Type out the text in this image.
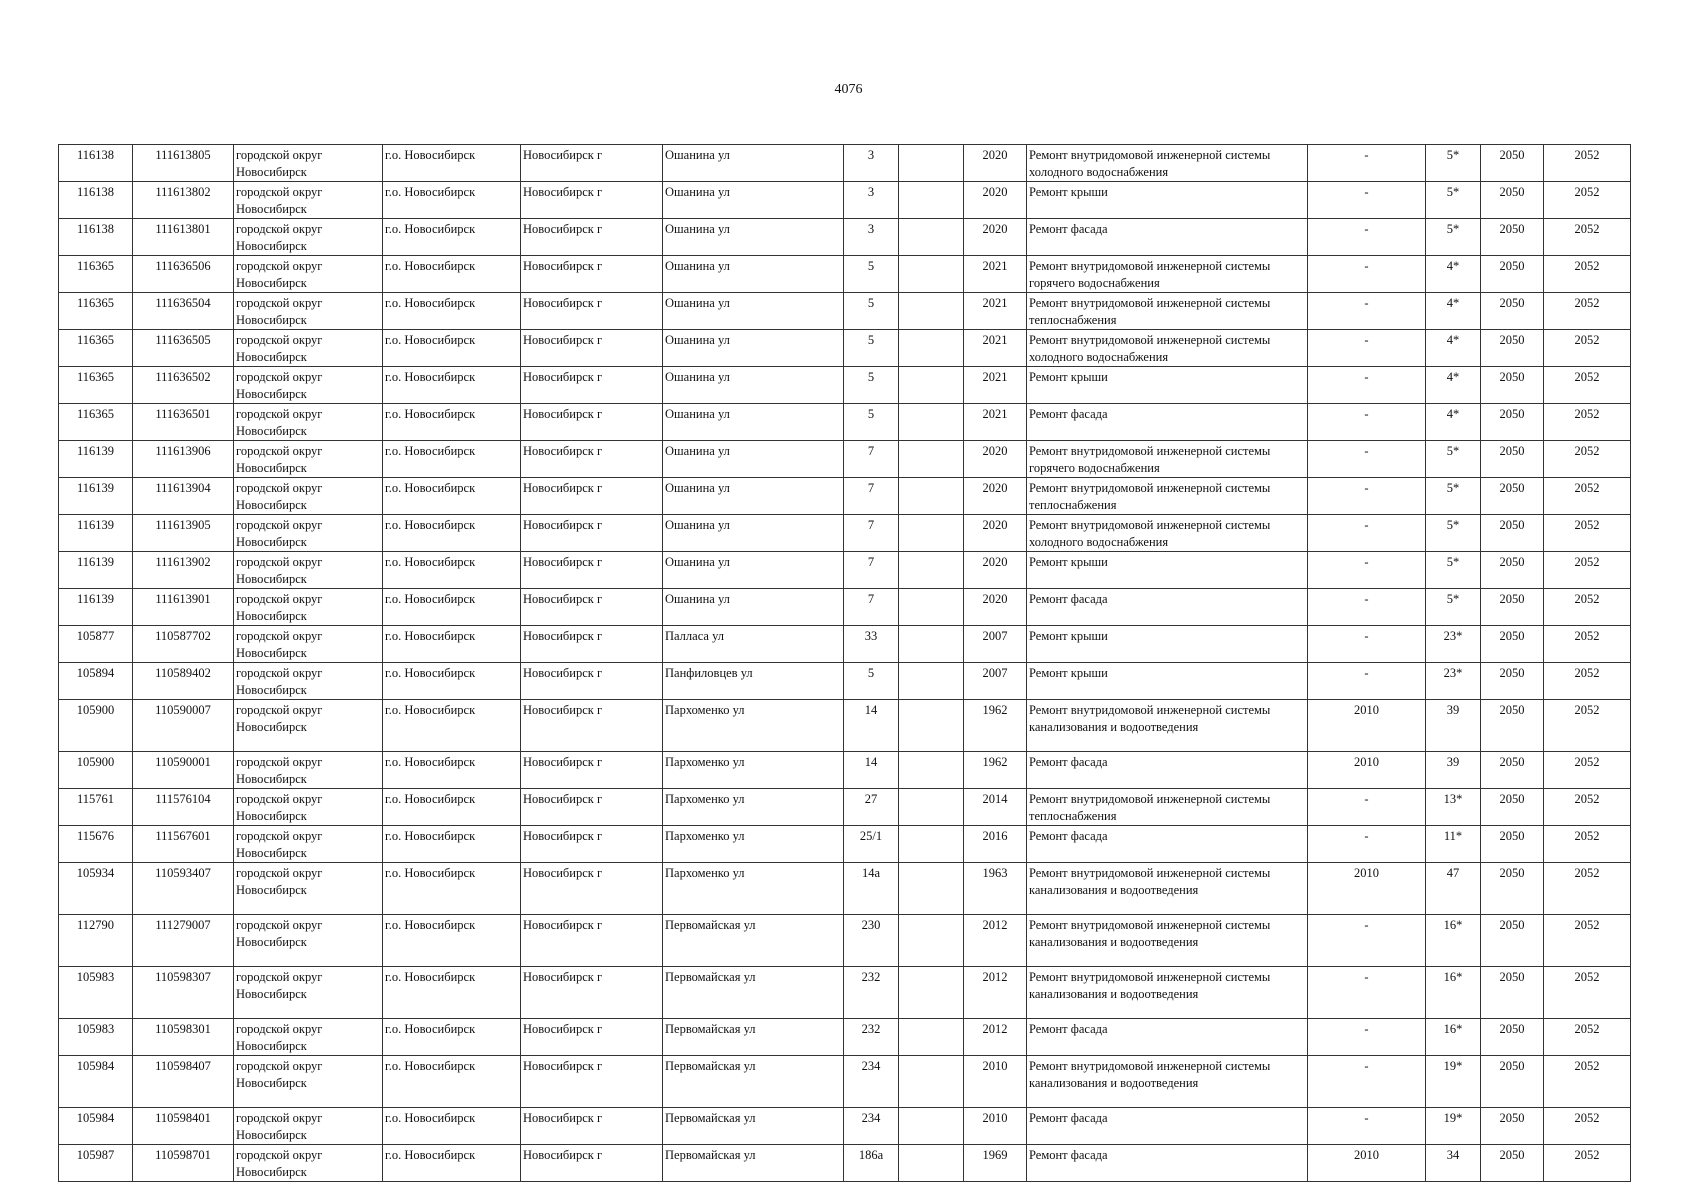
4076
116138	111613805	городской округ Новосибирск	г.о. Новосибирск	Новосибирск г	Ошанина ул	3		2020	Ремонт внутридомовой инженерной системы холодного водоснабжения	-	5*	2050	2052
116138	111613802	городской округ Новосибирск	г.о. Новосибирск	Новосибирск г	Ошанина ул	3		2020	Ремонт крыши	-	5*	2050	2052
116138	111613801	городской округ Новосибирск	г.о. Новосибирск	Новосибирск г	Ошанина ул	3		2020	Ремонт фасада	-	5*	2050	2052
116365	111636506	городской округ Новосибирск	г.о. Новосибирск	Новосибирск г	Ошанина ул	5		2021	Ремонт внутридомовой инженерной системы горячего водоснабжения	-	4*	2050	2052
116365	111636504	городской округ Новосибирск	г.о. Новосибирск	Новосибирск г	Ошанина ул	5		2021	Ремонт внутридомовой инженерной системы теплоснабжения	-	4*	2050	2052
116365	111636505	городской округ Новосибирск	г.о. Новосибирск	Новосибирск г	Ошанина ул	5		2021	Ремонт внутридомовой инженерной системы холодного водоснабжения	-	4*	2050	2052
116365	111636502	городской округ Новосибирск	г.о. Новосибирск	Новосибирск г	Ошанина ул	5		2021	Ремонт крыши	-	4*	2050	2052
116365	111636501	городской округ Новосибирск	г.о. Новосибирск	Новосибирск г	Ошанина ул	5		2021	Ремонт фасада	-	4*	2050	2052
116139	111613906	городской округ Новосибирск	г.о. Новосибирск	Новосибирск г	Ошанина ул	7		2020	Ремонт внутридомовой инженерной системы горячего водоснабжения	-	5*	2050	2052
116139	111613904	городской округ Новосибирск	г.о. Новосибирск	Новосибирск г	Ошанина ул	7		2020	Ремонт внутридомовой инженерной системы теплоснабжения	-	5*	2050	2052
116139	111613905	городской округ Новосибирск	г.о. Новосибирск	Новосибирск г	Ошанина ул	7		2020	Ремонт внутридомовой инженерной системы холодного водоснабжения	-	5*	2050	2052
116139	111613902	городской округ Новосибирск	г.о. Новосибирск	Новосибирск г	Ошанина ул	7		2020	Ремонт крыши	-	5*	2050	2052
116139	111613901	городской округ Новосибирск	г.о. Новосибирск	Новосибирск г	Ошанина ул	7		2020	Ремонт фасада	-	5*	2050	2052
105877	110587702	городской округ Новосибирск	г.о. Новосибирск	Новосибирск г	Палласа ул	33		2007	Ремонт крыши	-	23*	2050	2052
105894	110589402	городской округ Новосибирск	г.о. Новосибирск	Новосибирск г	Панфиловцев ул	5		2007	Ремонт крыши	-	23*	2050	2052
105900	110590007	городской округ Новосибирск	г.о. Новосибирск	Новосибирск г	Пархоменко ул	14		1962	Ремонт внутридомовой инженерной системы канализования и водоотведения	2010	39	2050	2052
105900	110590001	городской округ Новосибирск	г.о. Новосибирск	Новосибирск г	Пархоменко ул	14		1962	Ремонт фасада	2010	39	2050	2052
115761	111576104	городской округ Новосибирск	г.о. Новосибирск	Новосибирск г	Пархоменко ул	27		2014	Ремонт внутридомовой инженерной системы теплоснабжения	-	13*	2050	2052
115676	111567601	городской округ Новосибирск	г.о. Новосибирск	Новосибирск г	Пархоменко ул	25/1		2016	Ремонт фасада	-	11*	2050	2052
105934	110593407	городской округ Новосибирск	г.о. Новосибирск	Новосибирск г	Пархоменко ул	14а		1963	Ремонт внутридомовой инженерной системы канализования и водоотведения	2010	47	2050	2052
112790	111279007	городской округ Новосибирск	г.о. Новосибирск	Новосибирск г	Первомайская ул	230		2012	Ремонт внутридомовой инженерной системы канализования и водоотведения	-	16*	2050	2052
105983	110598307	городской округ Новосибирск	г.о. Новосибирск	Новосибирск г	Первомайская ул	232		2012	Ремонт внутридомовой инженерной системы канализования и водоотведения	-	16*	2050	2052
105983	110598301	городской округ Новосибирск	г.о. Новосибирск	Новосибирск г	Первомайская ул	232		2012	Ремонт фасада	-	16*	2050	2052
105984	110598407	городской округ Новосибирск	г.о. Новосибирск	Новосибирск г	Первомайская ул	234		2010	Ремонт внутридомовой инженерной системы канализования и водоотведения	-	19*	2050	2052
105984	110598401	городской округ Новосибирск	г.о. Новосибирск	Новосибирск г	Первомайская ул	234		2010	Ремонт фасада	-	19*	2050	2052
105987	110598701	городской округ Новосибирск	г.о. Новосибирск	Новосибирск г	Первомайская ул	186а		1969	Ремонт фасада	2010	34	2050	2052
